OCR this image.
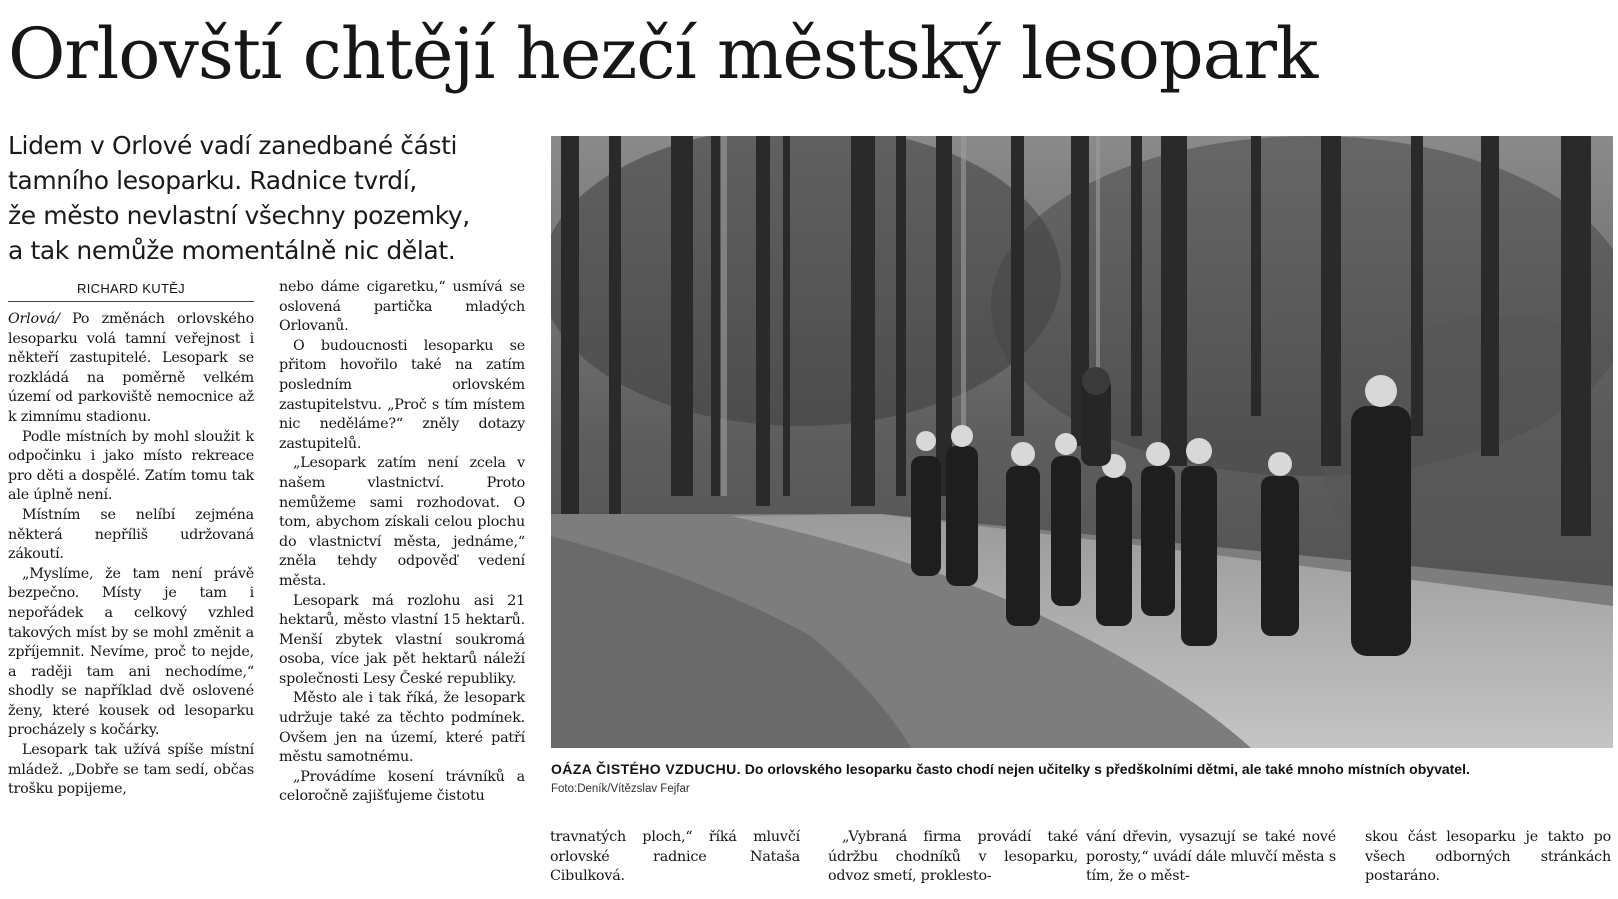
Orlovští chtějí hezčí městský lesopark
Lidem v Orlové vadí zanedbané části
tamního lesoparku. Radnice tvrdí,
že město nevlastní všechny pozemky,
a tak nemůže momentálně nic dělat.
RICHARD KUTĚJ

Orlová/ Po změnách orlovského lesoparku volá tamní veřejnost i někteří zastupitelé. Lesopark se rozkládá na poměrně velkém území od parkoviště nemocnice až k zimnímu stadionu.

Podle místních by mohl sloužit k odpočinku i jako místo rekreace pro děti a dospělé. Zatím tomu tak ale úplně není.

Místním se nelíbí zejména některá nepříliš udržovaná zákoutí.

„Myslíme, že tam není právě bezpečno. Místy je tam i nepořádek a celkový vzhled takových míst by se mohl změnit a zpříjemnit. Nevíme, proč to nejde, a raději tam ani nechodíme,“ shodly se například dvě oslovené ženy, které kousek od lesoparku procházely s kočárky.

Lesopark tak užívá spíše místní mládež. „Dobře se tam sedí, občas trošku popijeme,

nebo dáme cigaretku,“ usmívá se oslovená partička mladých Orlovanů.

O budoucnosti lesoparku se přitom hovořilo také na zatím posledním orlovském zastupitelstvu. „Proč s tím místem nic neděláme?“ zněly dotazy zastupitelů.

„Lesopark zatím není zcela v našem vlastnictví. Proto nemůžeme sami rozhodovat. O tom, abychom získali celou plochu do vlastnictví města, jednáme,“ zněla tehdy odpověď vedení města.

Lesopark má rozlohu asi 21 hektarů, město vlastní 15 hektarů. Menší zbytek vlastní soukromá osoba, více jak pět hektarů náleží společnosti Lesy České republiky.

Město ale i tak říká, že lesopark udržuje také za těchto podmínek. Ovšem jen na území, které patří městu samotnému.

„Provádíme kosení trávníků a celoročně zajišťujeme čistotu

OÁZA ČISTÉHO VZDUCHU. Do orlovského lesoparku často chodí nejen učitelky s předškolními dětmi, ale také mnoho místních obyvatel.
Foto:Deník/Vítězslav Fejfar

travnatých ploch,“ říká mluvčí orlovské radnice Nataša Cibulková.

„Vybraná firma provádí také údržbu chodníků v lesoparku, odvoz smetí, proklesto-

vání dřevin, vysazují se také nové porosty,“ uvádí dále mluvčí města s tím, že o měst-

skou část lesoparku je takto po všech odborných stránkách postaráno.
